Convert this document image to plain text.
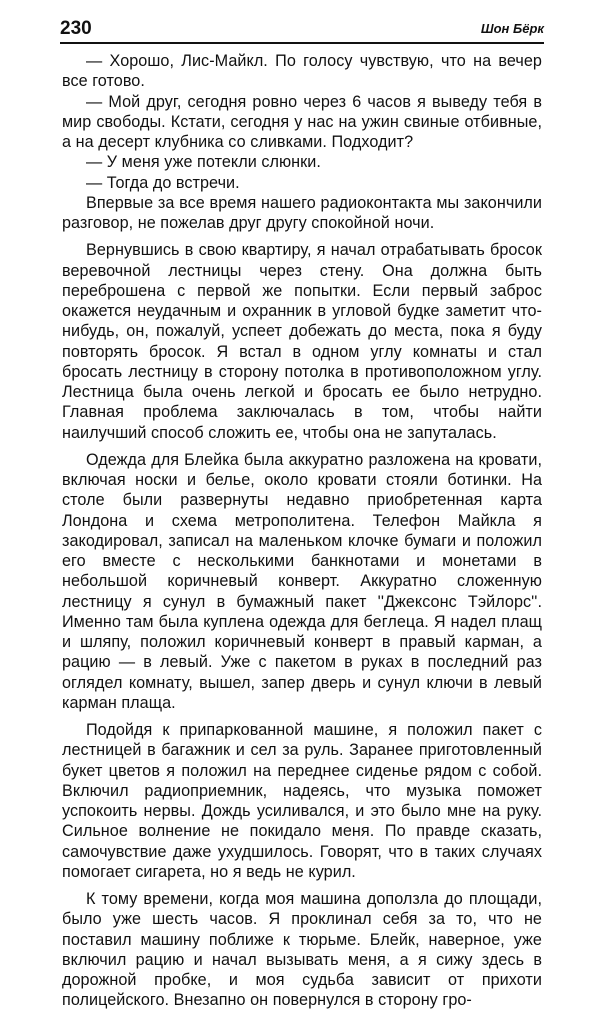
230	Шон Бёрк

— Хорошо, Лис-Майкл. По голосу чувствую, что на вечер все готово.

— Мой друг, сегодня ровно через 6 часов я выведу тебя в мир свободы. Кстати, сегодня у нас на ужин свиные отбивные, а на десерт клубника со сливками. Подходит?

— У меня уже потекли слюнки.

— Тогда до встречи.

Впервые за все время нашего радиоконтакта мы закончили разговор, не пожелав друг другу спокойной ночи.

Вернувшись в свою квартиру, я начал отрабатывать бросок веревочной лестницы через стену. Она должна быть переброшена с первой же попытки. Если первый заброс окажется неудачным и охранник в угловой будке заметит что-нибудь, он, пожалуй, успеет добежать до места, пока я буду повторять бросок. Я встал в одном углу комнаты и стал бросать лестницу в сторону потолка в противоположном углу. Лестница была очень легкой и бросать ее было нетрудно. Главная проблема заключалась в том, чтобы найти наилучший способ сложить ее, чтобы она не запуталась.

Одежда для Блейка была аккуратно разложена на кровати, включая носки и белье, около кровати стояли ботинки. На столе были развернуты недавно приобретенная карта Лондона и схема метрополитена. Телефон Майкла я закодировал, записал на маленьком клочке бумаги и положил его вместе с несколькими банкнотами и монетами в небольшой коричневый конверт. Аккуратно сложенную лестницу я сунул в бумажный пакет ''Джексонс Тэйлорс''. Именно там была куплена одежда для беглеца. Я надел плащ и шляпу, положил коричневый конверт в правый карман, а рацию — в левый. Уже с пакетом в руках в последний раз оглядел комнату, вышел, запер дверь и сунул ключи в левый карман плаща.

Подойдя к припаркованной машине, я положил пакет с лестницей в багажник и сел за руль. Заранее приготовленный букет цветов я положил на переднее сиденье рядом с собой. Включил радиоприемник, надеясь, что музыка поможет успокоить нервы. Дождь усиливался, и это было мне на руку. Сильное волнение не покидало меня. По правде сказать, самочувствие даже ухудшилось. Говорят, что в таких случаях помогает сигарета, но я ведь не курил.

К тому времени, когда моя машина доползла до площади, было уже шесть часов. Я проклинал себя за то, что не поставил машину поближе к тюрьме. Блейк, наверное, уже включил рацию и начал вызывать меня, а я сижу здесь в дорожной пробке, и моя судьба зависит от прихоти полицейского. Внезапно он повернулся в сторону гро-
